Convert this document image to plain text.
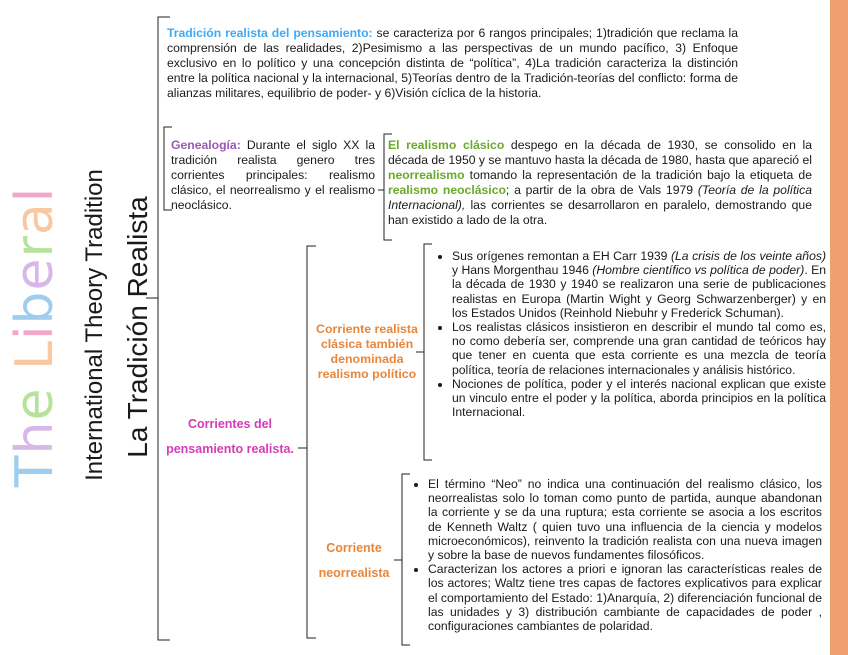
The Liberal International Theory Tradition La Tradición Realista
Tradición realista del pensamiento: se caracteriza por 6 rangos principales; 1)tradición que reclama la comprensión de las realidades, 2)Pesimismo a las perspectivas de un mundo pacífico, 3) Enfoque exclusivo en lo político y una concepción distinta de “política”, 4)La tradición caracteriza la distinción entre la política nacional y la internacional, 5)Teorías dentro de la Tradición-teorías del conflicto: forma de alianzas militares, equilibrio de poder- y 6)Visión cíclica de la historia.
Genealogía: Durante el siglo XX la tradición realista genero tres corrientes principales: realismo clásico, el neorrealismo y el realismo neoclásico.
El realismo clásico despego en la década de 1930, se consolido en la década de 1950 y se mantuvo hasta la década de 1980, hasta que apareció el neorrealismo tomando la representación de la tradición bajo la etiqueta de realismo neoclásico; a partir de la obra de Vals 1979 (Teoría de la política Internacional), las corrientes se desarrollaron en paralelo, demostrando que han existido a lado de la otra.
Corrientes del
pensamiento realista.
Corriente realista
clásica también
denominada
realismo político
• Sus orígenes remontan a EH Carr 1939 (La crisis de los veinte años) y Hans Morgenthau 1946 (Hombre científico vs política de poder). En la década de 1930 y 1940 se realizaron una serie de publicaciones realistas en Europa (Martin Wight y Georg Schwarzenberger) y en los Estados Unidos (Reinhold Niebuhr y Frederick Schuman).
• Los realistas clásicos insistieron en describir el mundo tal como es, no como debería ser, comprende una gran cantidad de teóricos hay que tener en cuenta que esta corriente es una mezcla de teoría política, teoría de relaciones internacionales y análisis histórico.
• Nociones de política, poder y el interés nacional explican que existe un vinculo entre el poder y la política, aborda principios en la política Internacional.
Corriente
neorrealista
• El término “Neo” no indica una continuación del realismo clásico, los neorrealistas solo lo toman como punto de partida, aunque abandonan la corriente y se da una ruptura; esta corriente se asocia a los escritos de Kenneth Waltz ( quien tuvo una influencia de la ciencia y modelos microeconómicos), reinvento la tradición realista con una nueva imagen y sobre la base de nuevos fundamentes filosóficos.
• Caracterizan los actores a priori e ignoran las características reales de los actores; Waltz tiene tres capas de factores explicativos para explicar el comportamiento del Estado: 1)Anarquía, 2) diferenciación funcional de las unidades y 3) distribución cambiante de capacidades de poder , configuraciones cambiantes de polaridad.
